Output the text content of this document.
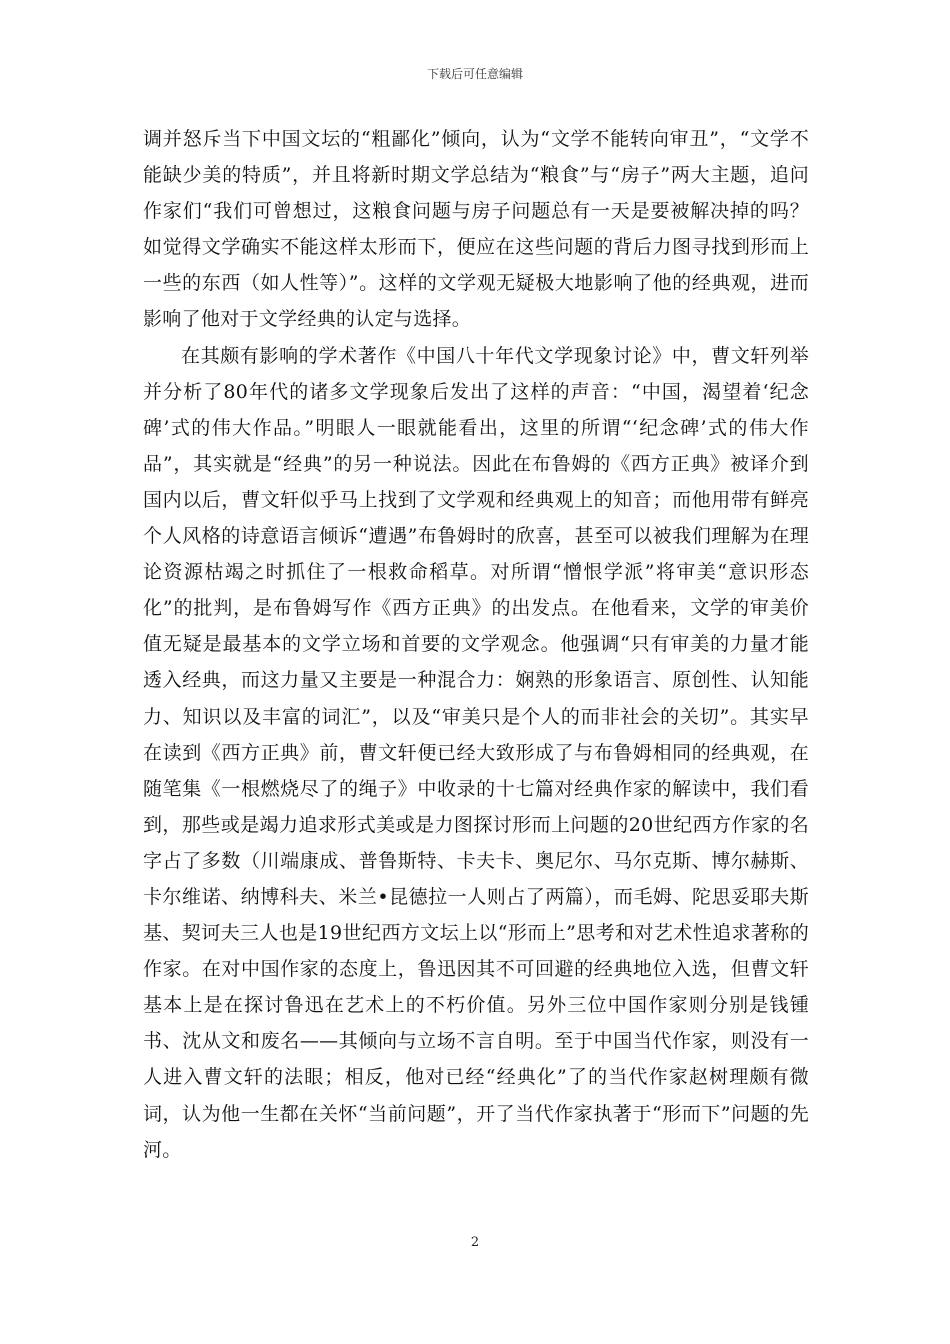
下载后可任意编辑

调并怒斥当下中国文坛的“粗鄙化”倾向，认为“文学不能转向审丑”，“文学不能缺少美的特质”，并且将新时期文学总结为“粮食”与“房子”两大主题，追问作家们“我们可曾想过，这粮食问题与房子问题总有一天是要被解决掉的吗？如觉得文学确实不能这样太形而下，便应在这些问题的背后力图寻找到形而上一些的东西（如人性等）”。这样的文学观无疑极大地影响了他的经典观，进而影响了他对于文学经典的认定与选择。

在其颇有影响的学术著作《中国八十年代文学现象讨论》中，曹文轩列举并分析了80年代的诸多文学现象后发出了这样的声音：“中国，渴望着‘纪念碑’式的伟大作品。”明眼人一眼就能看出，这里的所谓“‘纪念碑’式的伟大作品”，其实就是“经典”的另一种说法。因此在布鲁姆的《西方正典》被译介到国内以后，曹文轩似乎马上找到了文学观和经典观上的知音；而他用带有鲜亮个人风格的诗意语言倾诉“遭遇”布鲁姆时的欣喜，甚至可以被我们理解为在理论资源枯竭之时抓住了一根救命稻草。对所谓“憎恨学派”将审美“意识形态化”的批判，是布鲁姆写作《西方正典》的出发点。在他看来，文学的审美价值无疑是最基本的文学立场和首要的文学观念。他强调“只有审美的力量才能透入经典，而这力量又主要是一种混合力：娴熟的形象语言、原创性、认知能力、知识以及丰富的词汇”，以及“审美只是个人的而非社会的关切”。其实早在读到《西方正典》前，曹文轩便已经大致形成了与布鲁姆相同的经典观，在随笔集《一根燃烧尽了的绳子》中收录的十七篇对经典作家的解读中，我们看到，那些或是竭力追求形式美或是力图探讨形而上问题的20世纪西方作家的名字占了多数（川端康成、普鲁斯特、卡夫卡、奥尼尔、马尔克斯、博尔赫斯、卡尔维诺、纳博科夫、米兰•昆德拉一人则占了两篇），而毛姆、陀思妥耶夫斯基、契诃夫三人也是19世纪西方文坛上以“形而上”思考和对艺术性追求著称的作家。在对中国作家的态度上，鲁迅因其不可回避的经典地位入选，但曹文轩基本上是在探讨鲁迅在艺术上的不朽价值。另外三位中国作家则分别是钱锺书、沈从文和废名——其倾向与立场不言自明。至于中国当代作家，则没有一人进入曹文轩的法眼；相反，他对已经“经典化”了的当代作家赵树理颇有微词，认为他一生都在关怀“当前问题”，开了当代作家执著于“形而下”问题的先河。

2
